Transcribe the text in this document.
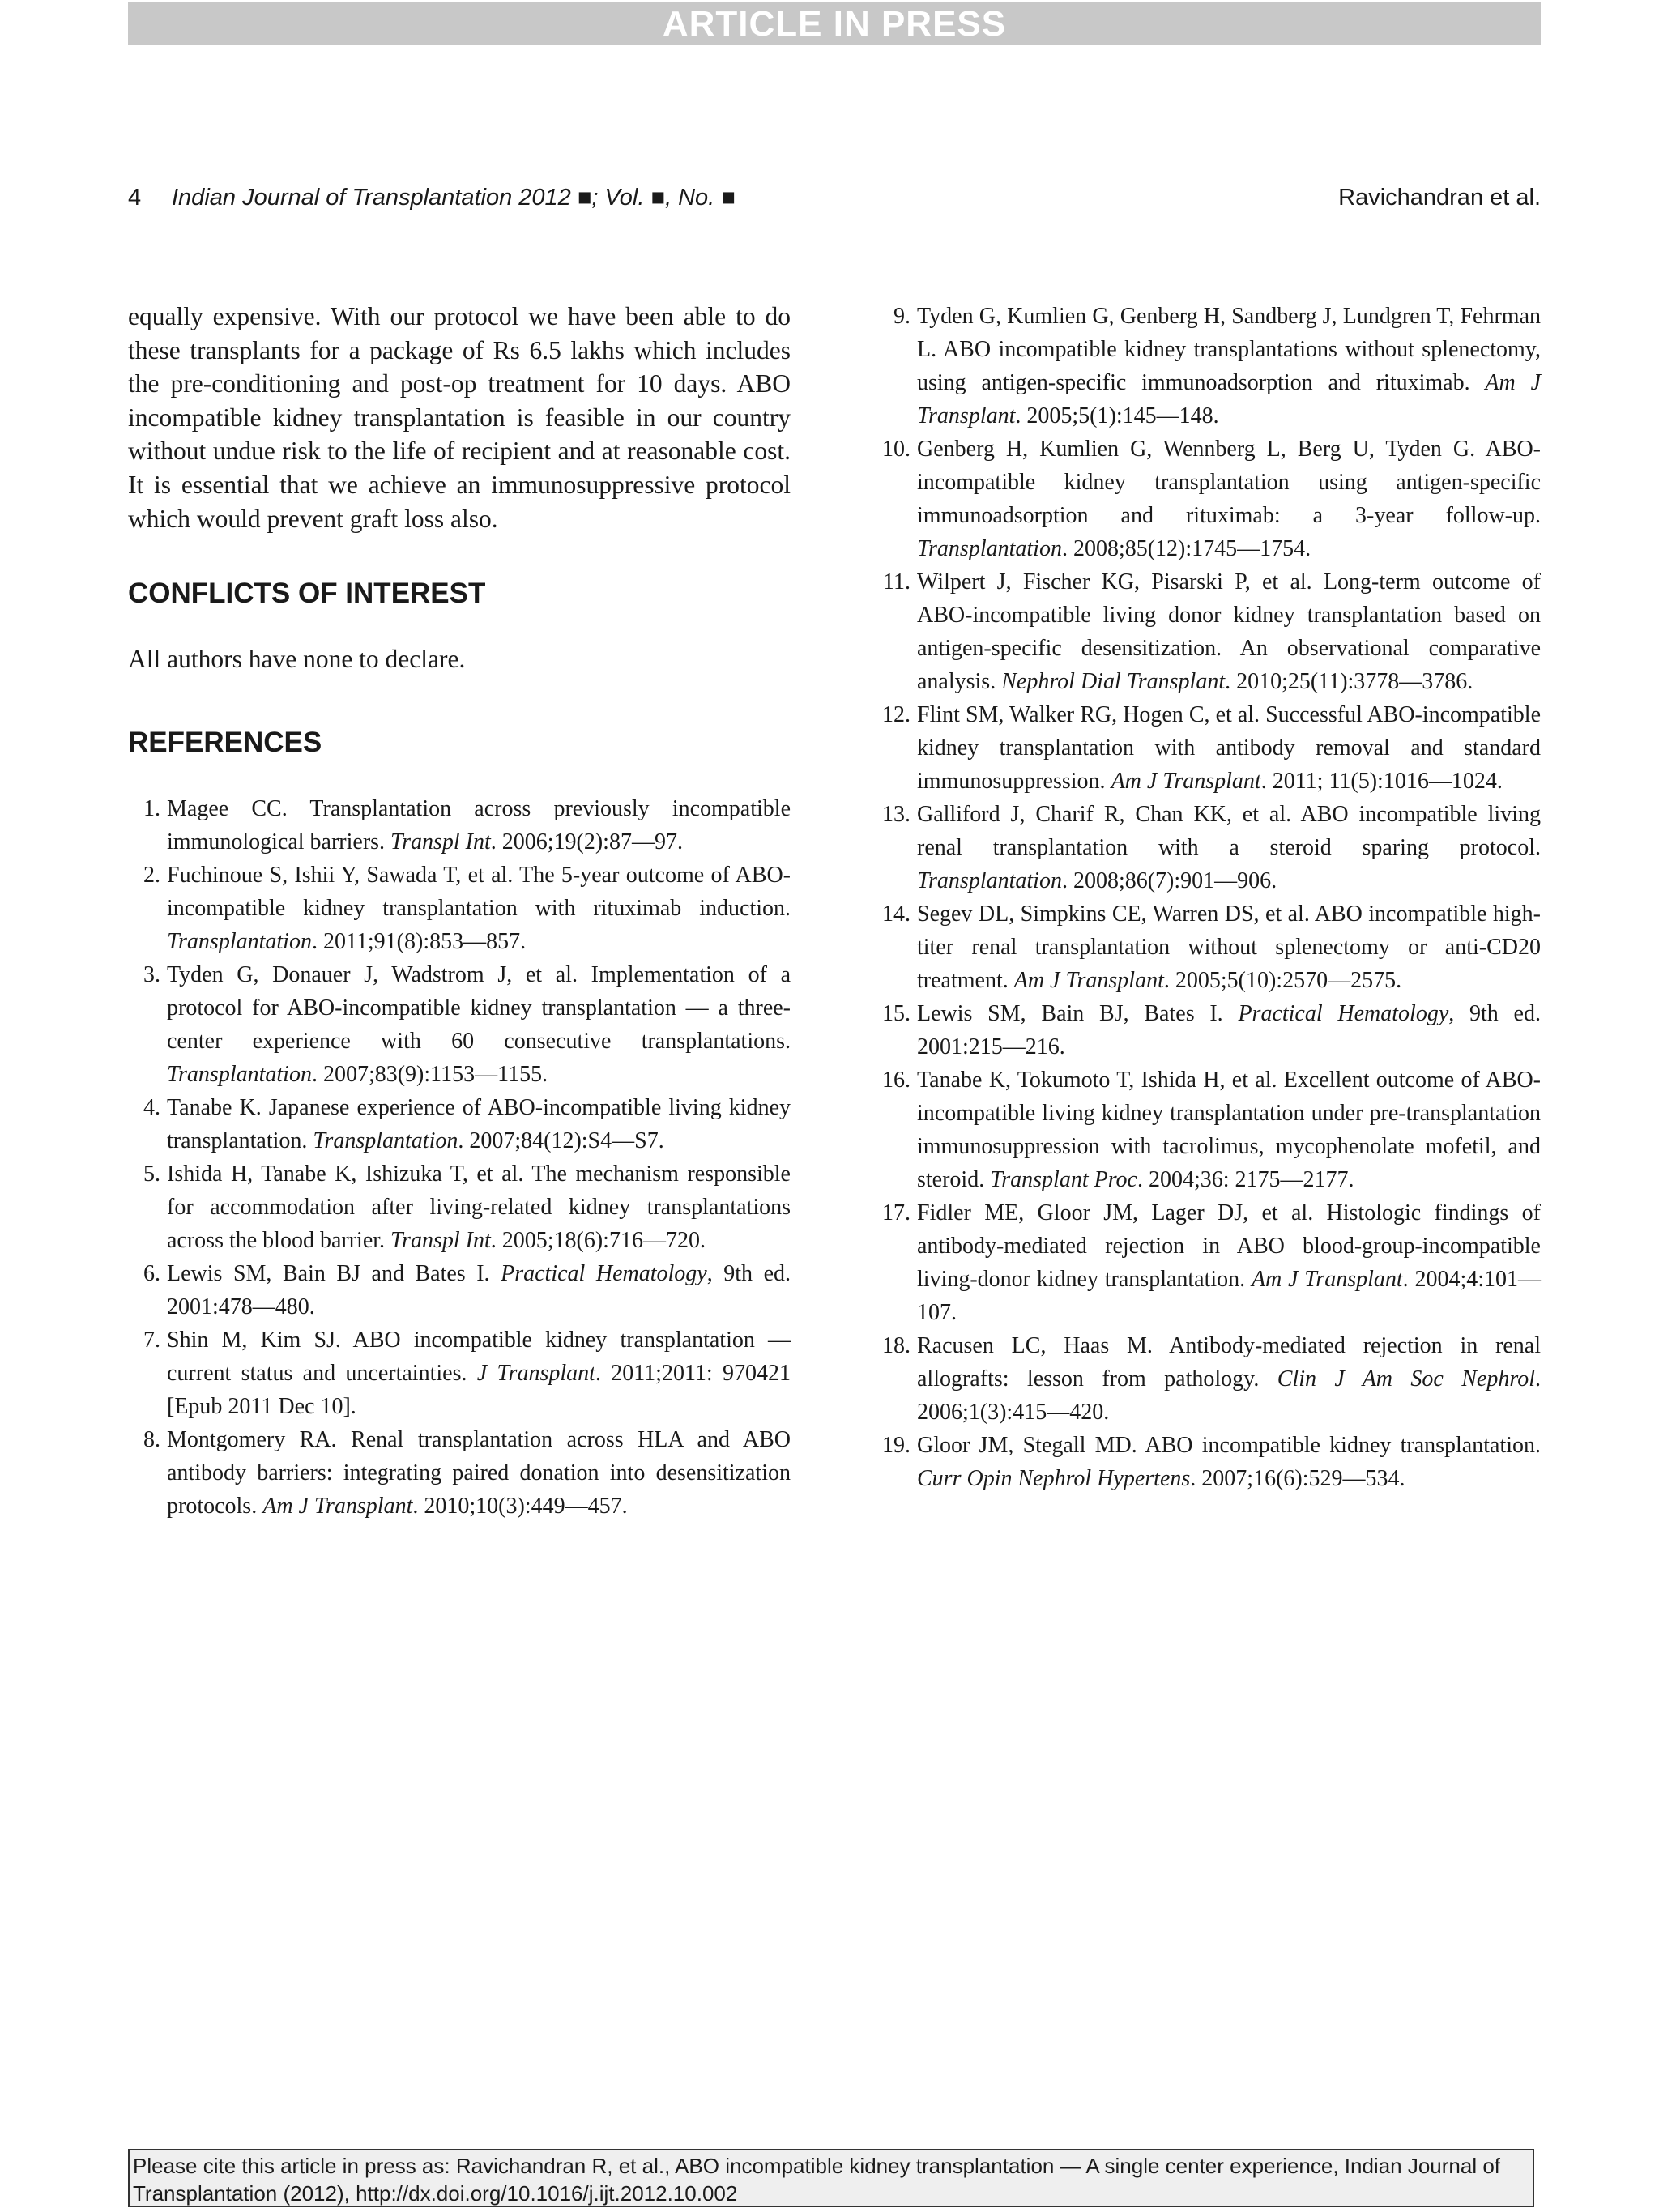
ARTICLE IN PRESS
4 Indian Journal of Transplantation 2012 ■; Vol. ■, No. ■	Ravichandran et al.

equally expensive. With our protocol we have been able to do these transplants for a package of Rs 6.5 lakhs which includes the pre-conditioning and post-op treatment for 10 days. ABO incompatible kidney transplantation is feasible in our country without undue risk to the life of recipient and at reasonable cost. It is essential that we achieve an immunosuppressive protocol which would prevent graft loss also.

CONFLICTS OF INTEREST

All authors have none to declare.

REFERENCES
1. Magee CC. Transplantation across previously incompatible immunological barriers. Transpl Int. 2006;19(2):87—97.
2. Fuchinoue S, Ishii Y, Sawada T, et al. The 5-year outcome of ABO-incompatible kidney transplantation with rituximab induction. Transplantation. 2011;91(8):853—857.
3. Tyden G, Donauer J, Wadstrom J, et al. Implementation of a protocol for ABO-incompatible kidney transplantation — a three-center experience with 60 consecutive transplantations. Transplantation. 2007;83(9):1153—1155.
4. Tanabe K. Japanese experience of ABO-incompatible living kidney transplantation. Transplantation. 2007;84(12):S4—S7.
5. Ishida H, Tanabe K, Ishizuka T, et al. The mechanism responsible for accommodation after living-related kidney transplantations across the blood barrier. Transpl Int. 2005;18(6):716—720.
6. Lewis SM, Bain BJ and Bates I. Practical Hematology, 9th ed. 2001:478—480.
7. Shin M, Kim SJ. ABO incompatible kidney transplantation — current status and uncertainties. J Transplant. 2011;2011: 970421 [Epub 2011 Dec 10].
8. Montgomery RA. Renal transplantation across HLA and ABO antibody barriers: integrating paired donation into desensitization protocols. Am J Transplant. 2010;10(3):449—457.
9. Tyden G, Kumlien G, Genberg H, Sandberg J, Lundgren T, Fehrman L. ABO incompatible kidney transplantations without splenectomy, using antigen-specific immunoadsorption and rituximab. Am J Transplant. 2005;5(1):145—148.
10. Genberg H, Kumlien G, Wennberg L, Berg U, Tyden G. ABO-incompatible kidney transplantation using antigen-specific immunoadsorption and rituximab: a 3-year follow-up. Transplantation. 2008;85(12):1745—1754.
11. Wilpert J, Fischer KG, Pisarski P, et al. Long-term outcome of ABO-incompatible living donor kidney transplantation based on antigen-specific desensitization. An observational comparative analysis. Nephrol Dial Transplant. 2010;25(11):3778—3786.
12. Flint SM, Walker RG, Hogen C, et al. Successful ABO-incompatible kidney transplantation with antibody removal and standard immunosuppression. Am J Transplant. 2011; 11(5):1016—1024.
13. Galliford J, Charif R, Chan KK, et al. ABO incompatible living renal transplantation with a steroid sparing protocol. Transplantation. 2008;86(7):901—906.
14. Segev DL, Simpkins CE, Warren DS, et al. ABO incompatible high-titer renal transplantation without splenectomy or anti-CD20 treatment. Am J Transplant. 2005;5(10):2570—2575.
15. Lewis SM, Bain BJ, Bates I. Practical Hematology, 9th ed. 2001:215—216.
16. Tanabe K, Tokumoto T, Ishida H, et al. Excellent outcome of ABO-incompatible living kidney transplantation under pre-transplantation immunosuppression with tacrolimus, mycophenolate mofetil, and steroid. Transplant Proc. 2004;36: 2175—2177.
17. Fidler ME, Gloor JM, Lager DJ, et al. Histologic findings of antibody-mediated rejection in ABO blood-group-incompatible living-donor kidney transplantation. Am J Transplant. 2004;4:101—107.
18. Racusen LC, Haas M. Antibody-mediated rejection in renal allografts: lesson from pathology. Clin J Am Soc Nephrol. 2006;1(3):415—420.
19. Gloor JM, Stegall MD. ABO incompatible kidney transplantation. Curr Opin Nephrol Hypertens. 2007;16(6):529—534.
Please cite this article in press as: Ravichandran R, et al., ABO incompatible kidney transplantation — A single center experience, Indian Journal of Transplantation (2012), http://dx.doi.org/10.1016/j.ijt.2012.10.002
